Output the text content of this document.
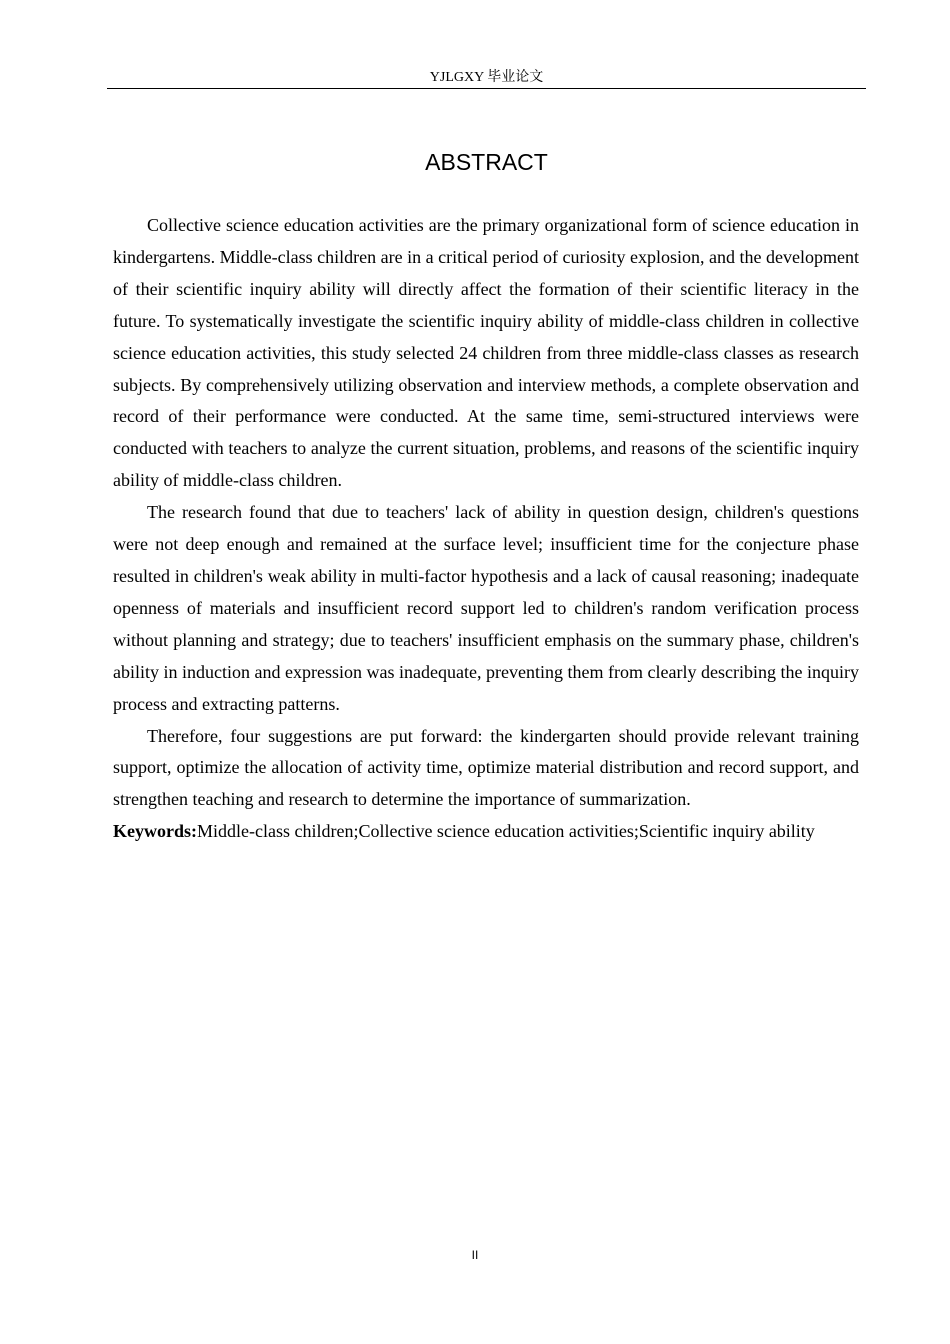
YJLGXY 毕业论文
ABSTRACT

Collective science education activities are the primary organizational form of science education in kindergartens. Middle-class children are in a critical period of curiosity explosion, and the development of their scientific inquiry ability will directly affect the formation of their scientific literacy in the future. To systematically investigate the scientific inquiry ability of middle-class children in collective science education activities, this study selected 24 children from three middle-class classes as research subjects. By comprehensively utilizing observation and interview methods, a complete observation and record of their performance were conducted. At the same time, semi-structured interviews were conducted with teachers to analyze the current situation, problems, and reasons of the scientific inquiry ability of middle-class children.

The research found that due to teachers' lack of ability in question design, children's questions were not deep enough and remained at the surface level; insufficient time for the conjecture phase resulted in children's weak ability in multi-factor hypothesis and a lack of causal reasoning; inadequate openness of materials and insufficient record support led to children's random verification process without planning and strategy; due to teachers' insufficient emphasis on the summary phase, children's ability in induction and expression was inadequate, preventing them from clearly describing the inquiry process and extracting patterns.

Therefore, four suggestions are put forward: the kindergarten should provide relevant training support, optimize the allocation of activity time, optimize material distribution and record support, and strengthen teaching and research to determine the importance of summarization.

Keywords:Middle-class children;Collective science education activities;Scientific inquiry ability
II
